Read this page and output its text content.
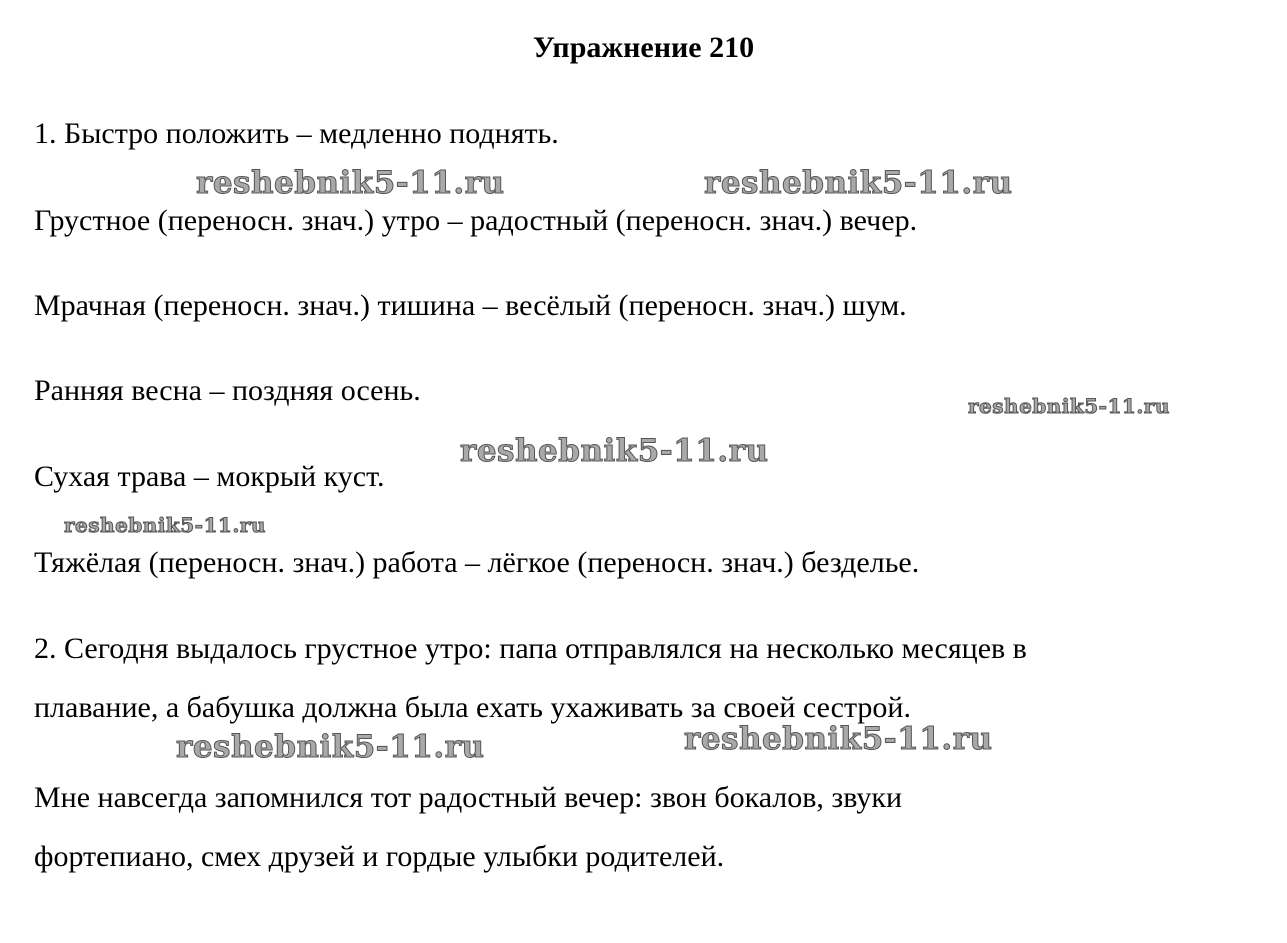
Упражнение 210
1. Быстро положить – медленно поднять.
Грустное (переносн. знач.) утро – радостный (переносн. знач.) вечер.
Мрачная (переносн. знач.) тишина – весёлый (переносн. знач.) шум.
Ранняя весна – поздняя осень.
Сухая трава – мокрый куст.
Тяжёлая (переносн. знач.) работа – лёгкое (переносн. знач.) безделье.
2. Сегодня выдалось грустное утро: папа отправлялся на несколько месяцев в
плавание, а бабушка должна была ехать ухаживать за своей сестрой.
Мне навсегда запомнился тот радостный вечер: звон бокалов, звуки
фортепиано, смех друзей и гордые улыбки родителей.
reshebnik5-11.ru	reshebnik5-11.ru
reshebnik5-11.ru
reshebnik5-11.ru
reshebnik5-11.ru
reshebnik5-11.ru	reshebnik5-11.ru
